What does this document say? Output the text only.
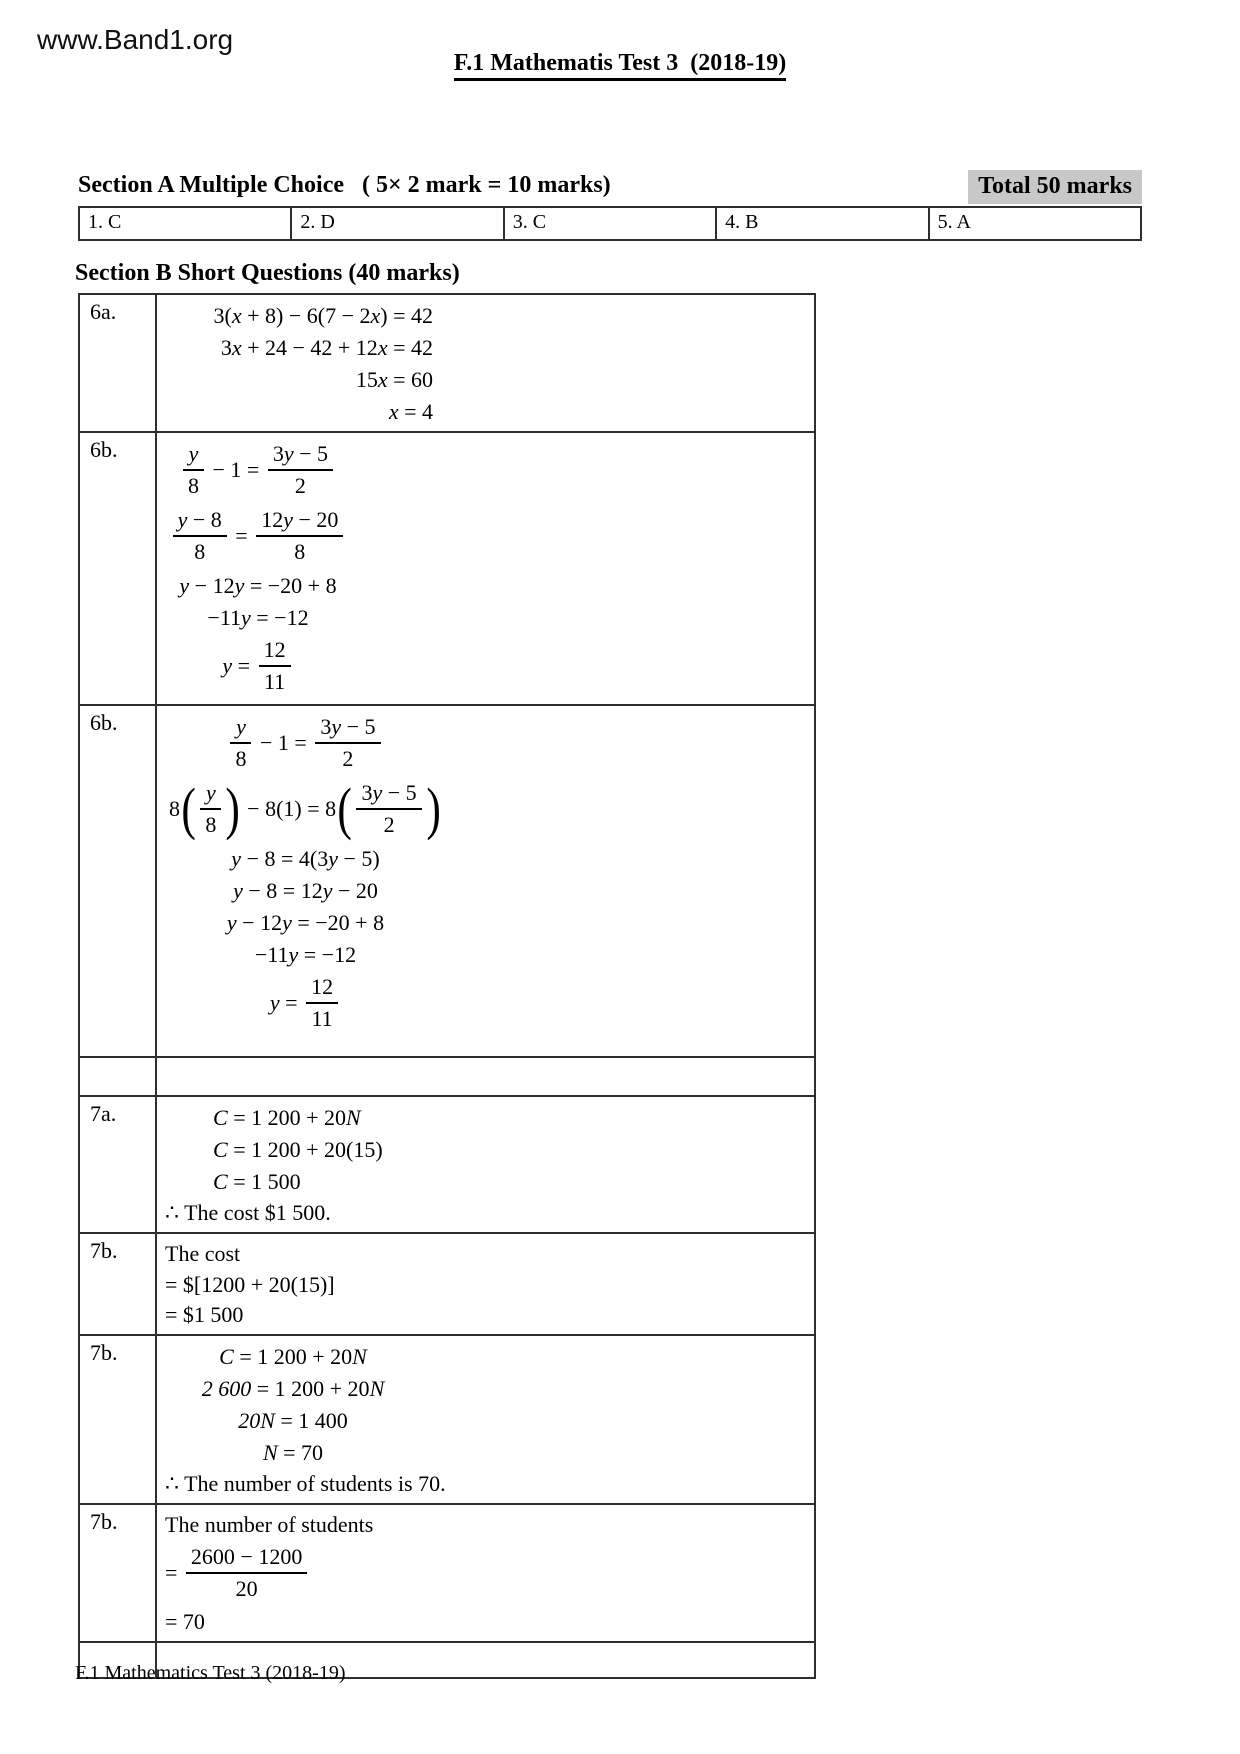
www.Band1.org
F.1 Mathematis Test 3  (2018-19)
Section A Multiple Choice   ( 5× 2 mark = 10 marks)	Total 50 marks
1. C	2. D	3. C	4. B	5. A
Section B Short Questions (40 marks)
6a.	3(x + 8) − 6(7 − 2x) = 42
3x + 24 − 42 + 12x = 42
15x = 60
x = 4

6b.	$\frac{y}{8} - 1 = \frac{3y - 5}{2}$
$\frac{y - 8}{8} = \frac{12y - 20}{8}$
y − 12y = −20 + 8
−11y = −12
$y = \frac{12}{11}$

6b.	$\frac{y}{8} - 1 = \frac{3y - 5}{2}$
$8( \frac{y}{8}$ ) − $8(1) = 8( \frac{3y - 5}{2}$ )
y − 8 = 4(3y − 5)
y − 8 = 12y − 20
y − 12y = −20 + 8
−11y = −12
$y = \frac{12}{11}$

7a.	C = 1 200 + 20N
C = 1 200 + 20(15)
C = 1 500
∴ The cost $1 500.

7b.	The cost
= $[1200 + 20(15)]
= $1 500

7b.	C = 1 200 + 20N
2 600 = 1 200 + 20N
20N = 1 400
N = 70
∴ The number of students is 70.

7b.	The number of students
= $\frac{2600 - 1200}{20}$
= 70

F.1 Mathematics Test 3 (2018-19)
